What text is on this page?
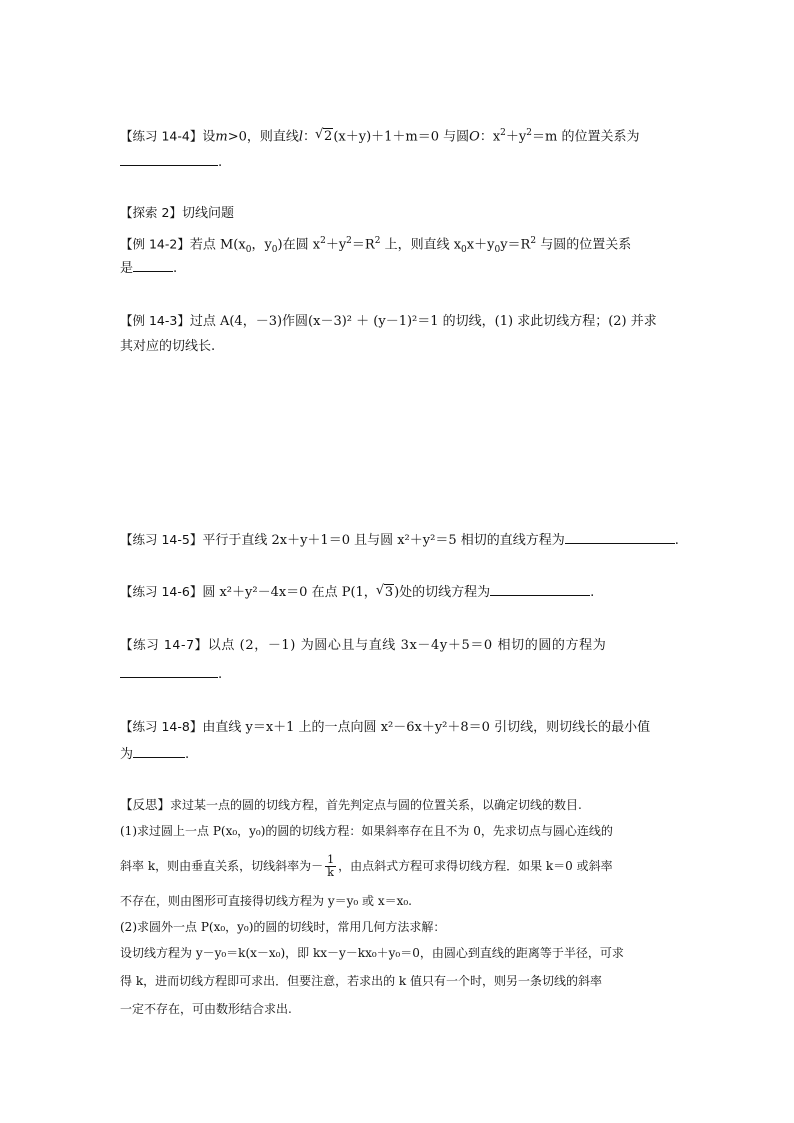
【练习 14-4】设m>0，则直线l： √ 2(x＋y)＋1＋m＝0 与圆O：$x^2+y^2=m$ 的位置关系为
.
【探索 2】切线问题
【例 14-2】若点 $M(x_0$，$y_0$)在圆 $x^2+y^2=R^2$ 上，则直线 $x_0x+y_0y=R^2$ 与圆的位置关系
是	.
【例 14-3】过点 A(4，－3)作圆(x－3)² ＋ (y－1)²＝1 的切线，(1) 求此切线方程；(2) 并求
其对应的切线长.
【练习 14-5】平行于直线 2x＋y＋1＝0 且与圆 x²＋y²＝5 相切的直线方程为	.
【练习 14-6】圆 x²＋y²－4x＝0 在点 P(1， √ 3)处的切线方程为	.
【练习 14-7】以点 (2，－1) 为圆心且与直线 3x－4y＋5＝0 相切的圆的方程为
.
【练习 14-8】由直线 y＝x＋1 上的一点向圆 x²－6x＋y²＋8＝0 引切线，则切线长的最小值
为	.
【反思】求过某一点的圆的切线方程，首先判定点与圆的位置关系，以确定切线的数目.
(1)求过圆上一点 P(x₀，y₀)的圆的切线方程：如果斜率存在且不为 0，先求切点与圆心连线的
斜率 k，则由垂直关系，切线斜率为－ $\frac{1}{k}$ ，由点斜式方程可求得切线方程．如果 k＝0 或斜率
不存在，则由图形可直接得切线方程为 y＝y₀ 或 x＝x₀.
(2)求圆外一点 P(x₀，y₀)的圆的切线时，常用几何方法求解：
设切线方程为 y－y₀＝k(x－x₀)，即 kx－y－kx₀＋y₀＝0，由圆心到直线的距离等于半径，可求
得 k，进而切线方程即可求出．但要注意，若求出的 k 值只有一个时，则另一条切线的斜率
一定不存在，可由数形结合求出.
